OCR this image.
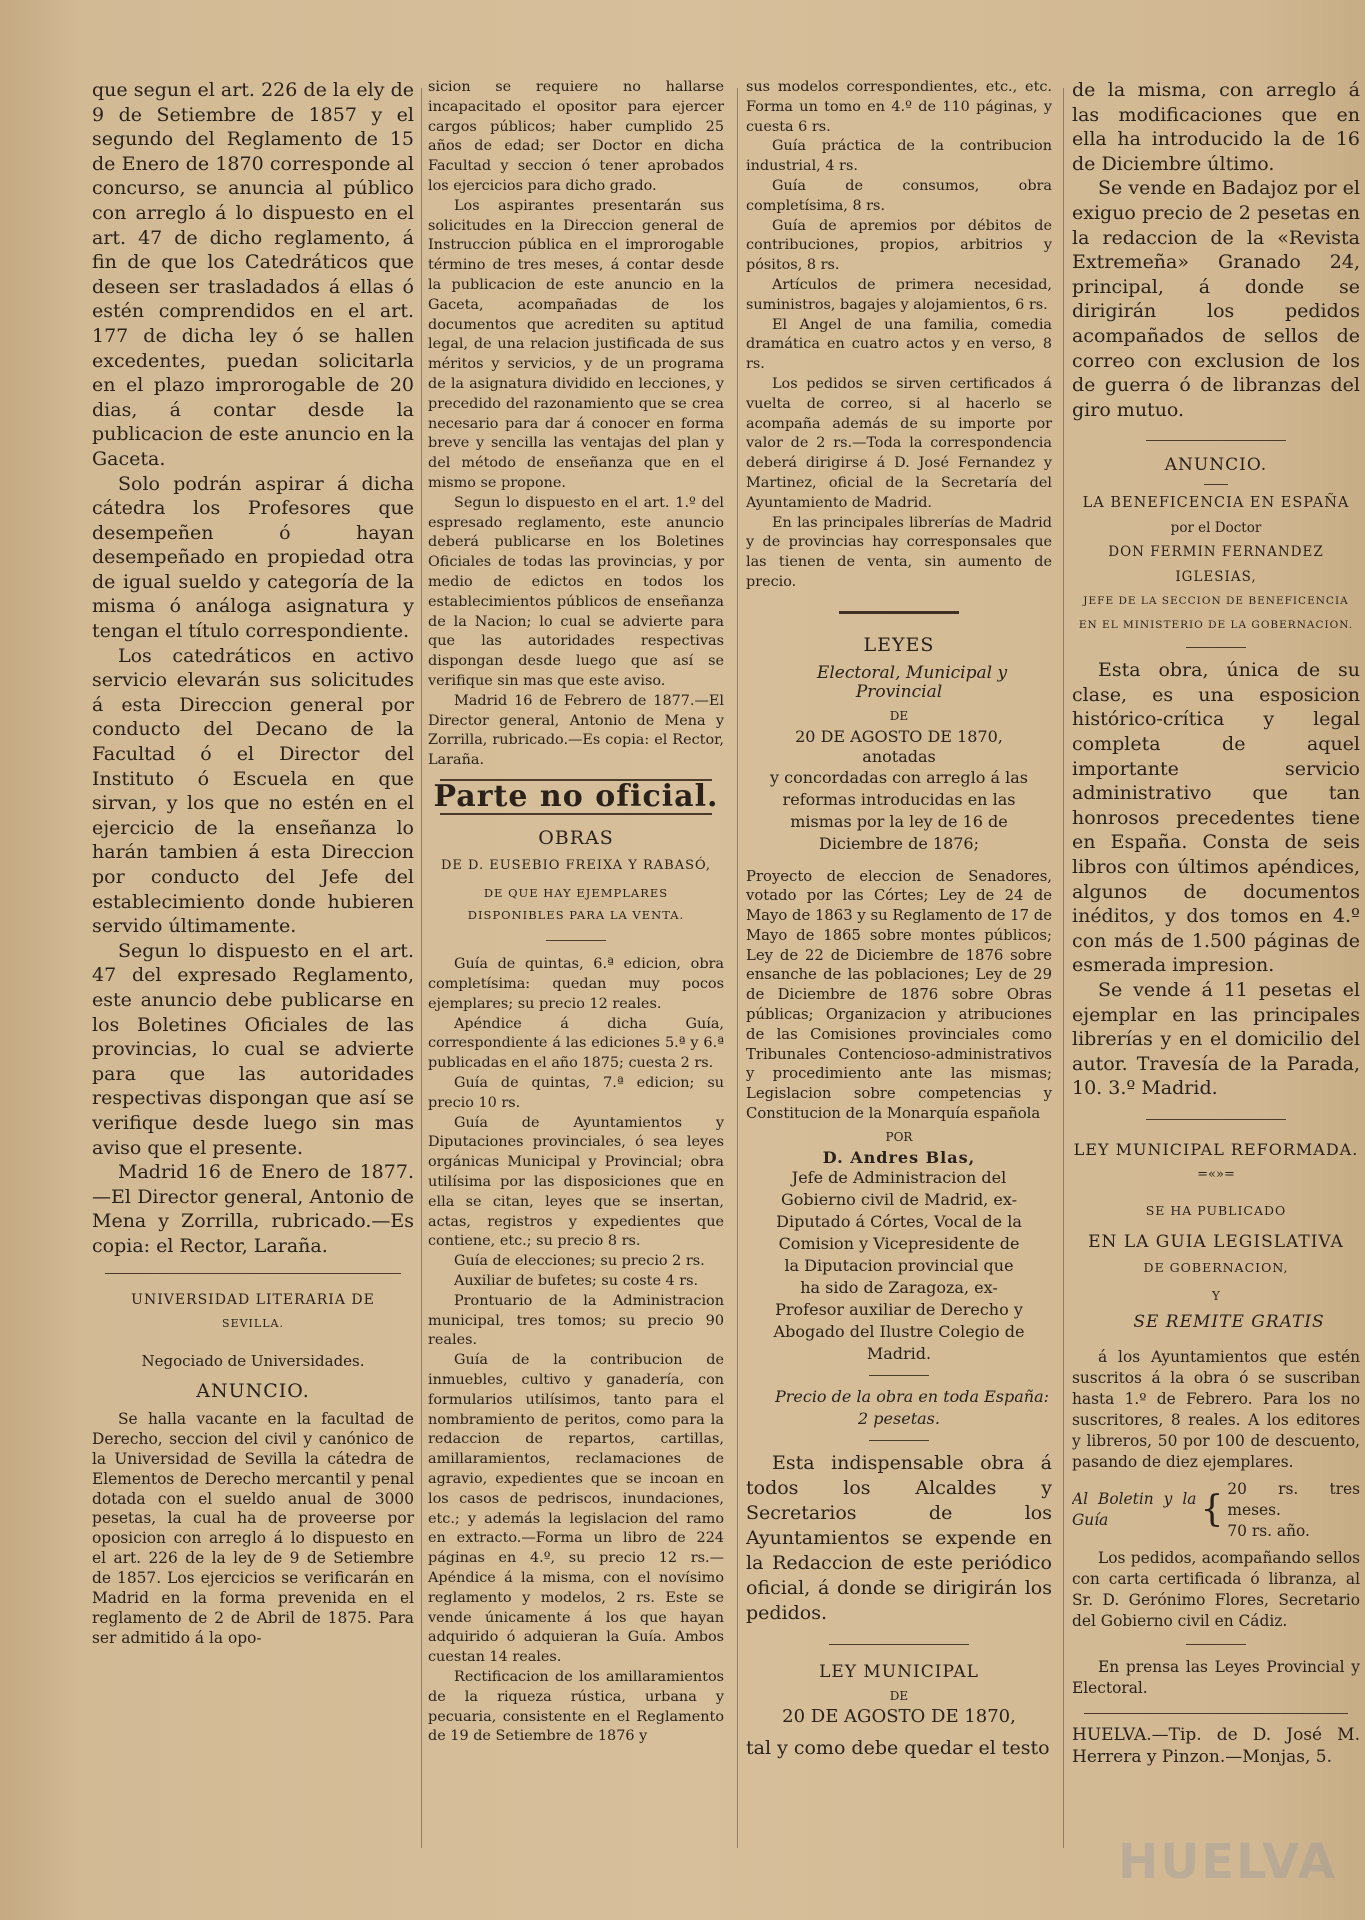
que segun el art. 226 de la ely de 9 de Setiembre de 1857 y el segundo del Reglamento de 15 de Enero de 1870 corresponde al concurso, se anuncia al público con arreglo á lo dispuesto en el art. 47 de dicho reglamento, á fin de que los Catedráticos que deseen ser trasladados á ellas ó estén comprendidos en el art. 177 de dicha ley ó se hallen excedentes, puedan solicitarla en el plazo improrogable de 20 dias, á contar desde la publicacion de este anuncio en la Gaceta.

Solo podrán aspirar á dicha cátedra los Profesores que desempeñen ó hayan desempeñado en propiedad otra de igual sueldo y categoría de la misma ó análoga asignatura y tengan el título correspondiente.

Los catedráticos en activo servicio elevarán sus solicitudes á esta Direccion general por conducto del Decano de la Facultad ó el Director del Instituto ó Escuela en que sirvan, y los que no estén en el ejercicio de la enseñanza lo harán tambien á esta Direccion por conducto del Jefe del establecimiento donde hubieren servido últimamente.

Segun lo dispuesto en el art. 47 del expresado Reglamento, este anuncio debe publicarse en los Boletines Oficiales de las provincias, lo cual se advierte para que las autoridades respectivas dispongan que así se verifique desde luego sin mas aviso que el presente.

Madrid 16 de Enero de 1877.—El Director general, Antonio de Mena y Zorrilla, rubricado.—Es copia: el Rector, Laraña.

UNIVERSIDAD LITERARIA DE

SEVILLA.

Negociado de Universidades.

ANUNCIO.

Se halla vacante en la facultad de Derecho, seccion del civil y canónico de la Universidad de Sevilla la cátedra de Elementos de Derecho mercantil y penal dotada con el sueldo anual de 3000 pesetas, la cual ha de proveerse por oposicion con arreglo á lo dispuesto en el art. 226 de la ley de 9 de Setiembre de 1857. Los ejercicios se verificarán en Madrid en la forma prevenida en el reglamento de 2 de Abril de 1875. Para ser admitido á la opo-

sicion se requiere no hallarse incapacitado el opositor para ejercer cargos públicos; haber cumplido 25 años de edad; ser Doctor en dicha Facultad y seccion ó tener aprobados los ejercicios para dicho grado.

Los aspirantes presentarán sus solicitudes en la Direccion general de Instruccion pública en el improrogable término de tres meses, á contar desde la publicacion de este anuncio en la Gaceta, acompañadas de los documentos que acrediten su aptitud legal, de una relacion justificada de sus méritos y servicios, y de un programa de la asignatura dividido en lecciones, y precedido del razonamiento que se crea necesario para dar á conocer en forma breve y sencilla las ventajas del plan y del método de enseñanza que en el mismo se propone.

Segun lo dispuesto en el art. 1.º del espresado reglamento, este anuncio deberá publicarse en los Boletines Oficiales de todas las provincias, y por medio de edictos en todos los establecimientos públicos de enseñanza de la Nacion; lo cual se advierte para que las autoridades respectivas dispongan desde luego que así se verifique sin mas que este aviso.

Madrid 16 de Febrero de 1877.—El Director general, Antonio de Mena y Zorrilla, rubricado.—Es copia: el Rector, Laraña.

Parte no oficial.
OBRAS

DE D. EUSEBIO FREIXA Y RABASÓ,

DE QUE HAY EJEMPLARES DISPONIBLES PARA LA VENTA.

Guía de quintas, 6.ª edicion, obra completísima: quedan muy pocos ejemplares; su precio 12 reales.

Apéndice á dicha Guía, correspondiente á las ediciones 5.ª y 6.ª publicadas en el año 1875; cuesta 2 rs.

Guía de quintas, 7.ª edicion; su precio 10 rs.

Guía de Ayuntamientos y Diputaciones provinciales, ó sea leyes orgánicas Municipal y Provincial; obra utilísima por las disposiciones que en ella se citan, leyes que se insertan, actas, registros y expedientes que contiene, etc.; su precio 8 rs.

Guía de elecciones; su precio 2 rs.

Auxiliar de bufetes; su coste 4 rs.

Prontuario de la Administracion municipal, tres tomos; su precio 90 reales.

Guía de la contribucion de inmuebles, cultivo y ganadería, con formularios utilísimos, tanto para el nombramiento de peritos, como para la redaccion de repartos, cartillas, amillaramientos, reclamaciones de agravio, expedientes que se incoan en los casos de pedriscos, inundaciones, etc.; y además la legislacion del ramo en extracto.—Forma un libro de 224 páginas en 4.º, su precio 12 rs.—Apéndice á la misma, con el novísimo reglamento y modelos, 2 rs. Este se vende únicamente á los que hayan adquirido ó adquieran la Guía. Ambos cuestan 14 reales.

Rectificacion de los amillaramientos de la riqueza rústica, urbana y pecuaria, consistente en el Reglamento de 19 de Setiembre de 1876 y

sus modelos correspondientes, etc., etc. Forma un tomo en 4.º de 110 páginas, y cuesta 6 rs.

Guía práctica de la contribucion industrial, 4 rs.

Guía de consumos, obra completísima, 8 rs.

Guía de apremios por débitos de contribuciones, propios, arbitrios y pósitos, 8 rs.

Artículos de primera necesidad, suministros, bagajes y alojamientos, 6 rs.

El Angel de una familia, comedia dramática en cuatro actos y en verso, 8 rs.

Los pedidos se sirven certificados á vuelta de correo, si al hacerlo se acompaña además de su importe por valor de 2 rs.—Toda la correspondencia deberá dirigirse á D. José Fernandez y Martinez, oficial de la Secretaría del Ayuntamiento de Madrid.

En las principales librerías de Madrid y de provincias hay corresponsales que las tienen de venta, sin aumento de precio.

LEYES

Electoral, Municipal y Provincial

DE

20 DE AGOSTO DE 1870,

anotadas

y concordadas con arreglo á las reformas introducidas en las mismas por la ley de 16 de Diciembre de 1876;

Proyecto de eleccion de Senadores, votado por las Córtes; Ley de 24 de Mayo de 1863 y su Reglamento de 17 de Mayo de 1865 sobre montes públicos; Ley de 22 de Diciembre de 1876 sobre ensanche de las poblaciones; Ley de 29 de Diciembre de 1876 sobre Obras públicas; Organizacion y atribuciones de las Comisiones provinciales como Tribunales Contencioso-administrativos y procedimiento ante las mismas; Legislacion sobre competencias y Constitucion de la Monarquía española

POR

D. Andres Blas,

Jefe de Administracion del Gobierno civil de Madrid, ex-Diputado á Córtes, Vocal de la Comision y Vicepresidente de la Diputacion provincial que ha sido de Zaragoza, ex-Profesor auxiliar de Derecho y Abogado del Ilustre Colegio de Madrid.

Precio de la obra en toda España: 2 pesetas.

Esta indispensable obra á todos los Alcaldes y Secretarios de los Ayuntamientos se expende en la Redaccion de este periódico oficial, á donde se dirigirán los pedidos.

LEY MUNICIPAL

DE

20 DE AGOSTO DE 1870,

tal y como debe quedar el testo

de la misma, con arreglo á las modificaciones que en ella ha introducido la de 16 de Diciembre último.

Se vende en Badajoz por el exiguo precio de 2 pesetas en la redaccion de la «Revista Extremeña» Granado 24, principal, á donde se dirigirán los pedidos acompañados de sellos de correo con exclusion de los de guerra ó de libranzas del giro mutuo.

ANUNCIO.

LA BENEFICENCIA EN ESPAÑA

por el Doctor

DON FERMIN FERNANDEZ IGLESIAS,

JEFE DE LA SECCION DE BENEFICENCIA EN EL MINISTERIO DE LA GOBERNACION.

Esta obra, única de su clase, es una esposicion histórico-crítica y legal completa de aquel importante servicio administrativo que tan honrosos precedentes tiene en España. Consta de seis libros con últimos apéndices, algunos de documentos inéditos, y dos tomos en 4.º con más de 1.500 páginas de esmerada impresion.

Se vende á 11 pesetas el ejemplar en las principales librerías y en el domicilio del autor. Travesía de la Parada, 10. 3.º Madrid.

LEY MUNICIPAL REFORMADA.

=«»=

SE HA PUBLICADO

EN LA GUIA LEGISLATIVA

DE GOBERNACION,

Y

SE REMITE GRATIS

á los Ayuntamientos que estén suscritos á la obra ó se suscriban hasta 1.º de Febrero. Para los no suscritores, 8 reales. A los editores y libreros, 50 por 100 de descuento, pasando de diez ejemplares.

Al Boletin y la Guía	{
20 rs. tres meses.
70 rs. año.

Los pedidos, acompañando sellos con carta certificada ó libranza, al Sr. D. Gerónimo Flores, Secretario del Gobierno civil en Cádiz.

En prensa las Leyes Provincial y Electoral.

HUELVA.—Tip. de D. José M. Herrera y Pinzon.—Monjas, 5.

HUELVA
